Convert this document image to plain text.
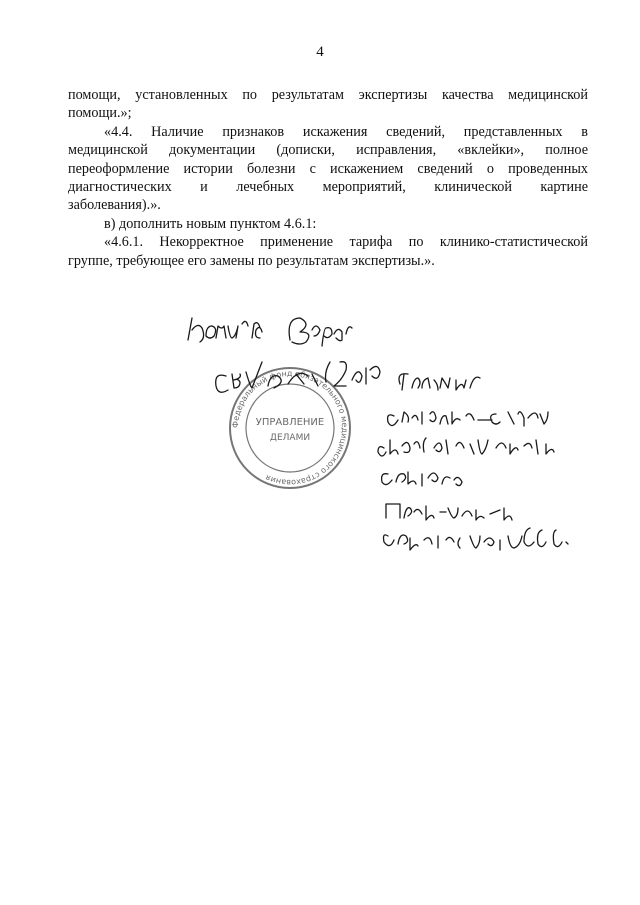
4

помощи, установленных по результатам экспертизы качества медицинской

помощи.»;

«4.4. Наличие признаков искажения сведений, представленных в

медицинской документации (дописки, исправления, «вклейки», полное

переоформление истории болезни с искажением сведений о проведенных

диагностических и лечебных мероприятий, клинической картине

заболевания).».

в) дополнить новым пунктом 4.6.1:

«4.6.1. Некорректное применение тарифа по клинико-статистической

группе, требующее его замены по результатам экспертизы.».

Федеральный фонд обязательного медицинского страхования
УПРАВЛЕНИЕ
ДЕЛАМИ
